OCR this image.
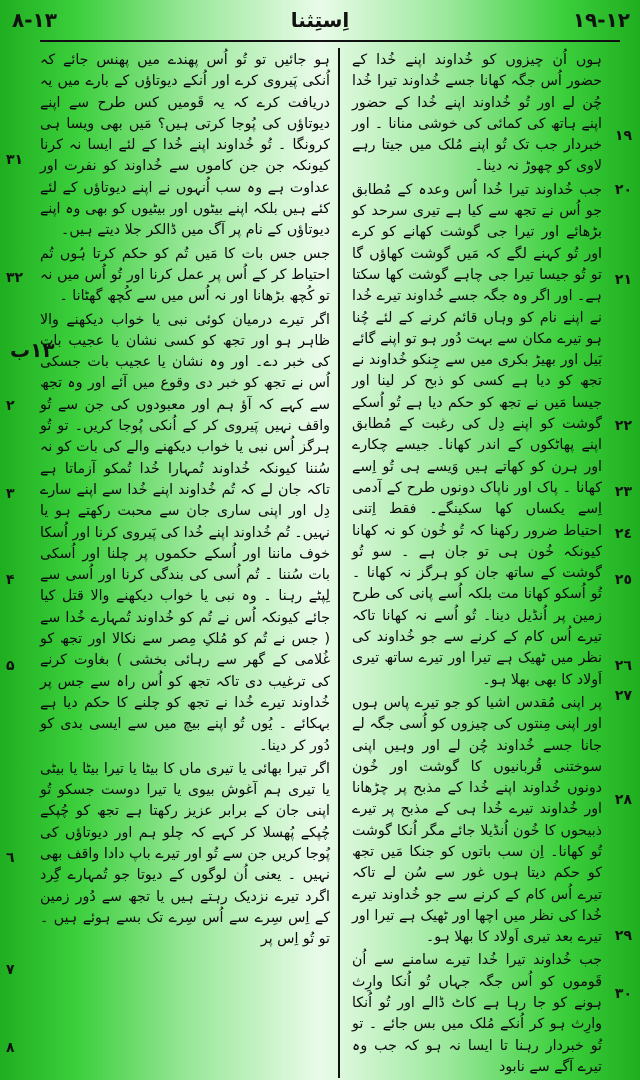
١٢-١٩
اِستِثنا
١٣-٨

ہوں اُن چیزوں کو خُداوند اپنے خُدا کے حضور اُس جگہ کھانا جسے خُداوند تیرا خُدا چُن لے اور تُو خُداوند اپنے خُدا کے حضور اپنے ہاتھ کی کمائی کی خوشی منانا ۔ اور خبردار جب تک تُو اپنے مُلک میں جیتا رہے لاوی کو چھوڑ نہ دینا۔

جب خُداوند تیرا خُدا اُس وعدہ کے مُطابق جو اُس نے تجھ سے کیا ہے تیری سرحد کو بڑھائے اور تیرا جی گوشت کھانے کو کرے اور تُو کہنے لگے کہ مَیں گوشت کھاؤں گا تو تُو جیسا تیرا جی چاہے گوشت کھا سکتا ہے۔ اور اگر وہ جگہ جسے خُداوند تیرے خُدا نے اپنے نام کو وہاں قائم کرنے کے لئے چُنا ہو تیرے مکان سے بہت دُور ہو تو اپنے گائے بَیل اور بھیڑ بکری میں سے جِنکو خُداوند نے تجھ کو دیا ہے کسی کو ذبح کر لینا اور جیسا مَیں نے تجھ کو حکم دیا ہے تُو اُسکے گوشت کو اپنے دِل کی رغبت کے مُطابق اپنے پھاٹکوں کے اندر کھانا۔ جیسے چکارے اور ہرن کو کھاتے ہیں وَیسے ہی تُو اِسے کھانا ۔ پاک اور ناپاک دونوں طرح کے آدمی اِسے یکساں کھا سکینگے۔ فقط اِتنی احتیاط ضرور رکھنا کہ تُو خُون کو نہ کھانا کیونکہ خُون ہی تو جان ہے ۔ سو تُو گوشت کے ساتھ جان کو ہرگز نہ کھانا ۔ تُو اُسکو کھانا مت بلکہ اُسے پانی کی طرح زمین پر اُنڈیل دینا۔ تُو اُسے نہ کھانا تاکہ تیرے اُس کام کے کرنے سے جو خُداوند کی نظر میں ٹھیک ہے تیرا اور تیرے ساتھ تیری اَولاد کا بھی بھلا ہو۔

پر اپنی مُقدس اشیا کو جو تیرے پاس ہوں اور اپنی مِنتوں کی چیزوں کو اُسی جگہ لے جانا جسے خُداوند چُن لے اور وہیں اپنی سوختنی قُربانیوں کا گوشت اور خُون دونوں خُداوند اپنے خُدا کے مذبح پر چڑھانا اور خُداوند تیرے خُدا ہی کے مذبح پر تیرے ذبیحوں کا خُون اُنڈیلا جائے مگر اُنکا گوشت تُو کھانا۔ اِن سب باتوں کو جنکا مَیں تجھ کو حکم دیتا ہوں غور سے سُن لے تاکہ تیرے اُس کام کے کرنے سے جو خُداوند تیرے خُدا کی نظر میں اچھا اور ٹھیک ہے تیرا اور تیرے بعد تیری اَولاد کا بھلا ہو۔

جب خُداوند تیرا خُدا تیرے سامنے سے اُن قَوموں کو اُس جگہ جہاں تُو اُنکا وارِث ہونے کو جا رہا ہے کاٹ ڈالے اور تُو اُنکا وارِث ہو کر اُنکے مُلک میں بس جائے ۔ تو تُو خبردار رہنا تا ایسا نہ ہو کہ جب وہ تیرے آگے سے نابود

ہو جائیں تو تُو اُس پھندے میں پھنس جائے کہ اُنکی پَیروی کرے اور اُنکے دیوتاؤں کے بارے میں یہ دریافت کرے کہ یہ قَومیں کس طرح سے اپنے دیوتاؤں کی پُوجا کرتی ہیں؟ مَیں بھی ویسا ہی کرونگا ۔ تُو خُداوند اپنے خُدا کے لئے ایسا نہ کرنا کیونکہ جن جن کاموں سے خُداوند کو نفرت اور عداوت ہے وہ سب اُنہوں نے اپنے دیوتاؤں کے لئے کئے ہیں بلکہ اپنے بیٹوں اور بیٹیوں کو بھی وہ اپنے دیوتاؤں کے نام پر آگ میں ڈالکر جلا دیتے ہیں۔

جس جس بات کا مَیں تُم کو حکم کرتا ہُوں تُم احتیاط کر کے اُس پر عمل کرنا اور تُو اُس میں نہ تو کُچھ بڑھانا اور نہ اُس میں سے کُچھ گھٹانا ۔

اگر تیرے درمیان کوئی نبی یا خواب دیکھنے والا ظاہر ہو اور تجھ کو کسی نشان یا عجیب بات کی خبر دے۔ اور وہ نشان یا عجیب بات جسکی اُس نے تجھ کو خبر دی وقوع میں آئے اور وہ تجھ سے کہے کہ آؤ ہم اور معبودوں کی جن سے تُو واقف نہیں پَیروی کر کے اُنکی پُوجا کریں۔ تو تُو ہرگز اُس نبی یا خواب دیکھنے والے کی بات کو نہ سُننا کیونکہ خُداوند تُمہارا خُدا تُمکو آزماتا ہے تاکہ جان لے کہ تُم خُداوند اپنے خُدا سے اپنے سارے دِل اور اپنی ساری جان سے محبت رکھتے ہو یا نہیں۔ تُم خُداوند اپنے خُدا کی پَیروی کرنا اور اُسکا خوف ماننا اور اُسکے حکموں پر چلنا اور اُسکی بات سُننا ۔ تُم اُسی کی بندگی کرنا اور اُسی سے لِپٹے رہنا ۔ وہ نبی یا خواب دیکھنے والا قتل کیا جائے کیونکہ اُس نے تُم کو خُداوند تُمہارے خُدا سے ( جس نے تُم کو مُلکِ مِصر سے نکالا اور تجھ کو غُلامی کے گھر سے رہائی بخشی ) بغاوت کرنے کی ترغیب دی تاکہ تجھ کو اُس راہ سے جس پر خُداوند تیرے خُدا نے تجھ کو چلنے کا حکم دیا ہے بہکائے ۔ یُوں تُو اپنے بیچ میں سے ایسی بدی کو دُور کر دینا۔

اگر تیرا بھائی یا تیری ماں کا بیٹا یا تیرا بیٹا یا بیٹی یا تیری ہم آغوش بیوی یا تیرا دوست جسکو تُو اپنی جان کے برابر عزیز رکھتا ہے تجھ کو چُپکے چُپکے پُھسلا کر کہے کہ چلو ہم اور دیوتاؤں کی پُوجا کریں جن سے تُو اور تیرے باپ دادا واقف بھی نہیں ۔ یعنی اُن لوگوں کے دیوتا جو تُمہارے گِرد اگرد تیرے نزدیک رہتے ہیں یا تجھ سے دُور زمین کے اِس سِرے سے اُس سِرے تک بسے ہوئے ہیں ۔ تو تُو اِس پر

١٩
٢٠
٢١
٢٢
٢٣
٢٤
٢٥
٢٦
٢٧
٢٨
٢٩
٣٠
٣١
٣٢
١٣ب
٢
٣
۴
۵
٦
٧
٨
